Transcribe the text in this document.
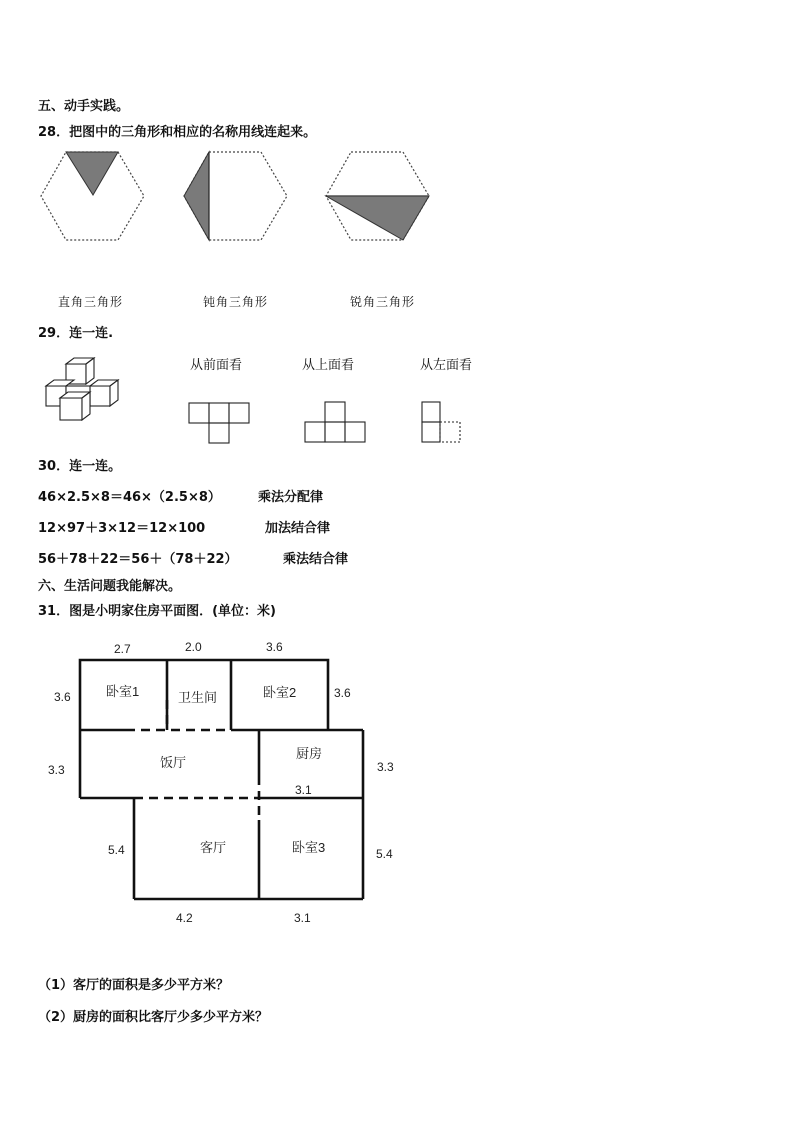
五、动手实践。
28．把图中的三角形和相应的名称用线连起来。
直角三角形	钝角三角形	锐角三角形
29．连一连.
从前面看	从上面看	从左面看
30．连一连。
46×2.5×8＝46×（2.5×8）	乘法分配律
12×97＋3×12＝12×100	加法结合律
56＋78＋22＝56＋（78＋22）	乘法结合律
六、生活问题我能解决。
31．图是小明家住房平面图．(单位：米)
卧室1	卫生间	卧室2
饭厅
厨房
客厅	卧室3
2.7	2.0	3.6
3.6	3.6
3.3	3.3
3.1
5.4	5.4
4.2	3.1
（1）客厅的面积是多少平方米？
（2）厨房的面积比客厅少多少平方米？
